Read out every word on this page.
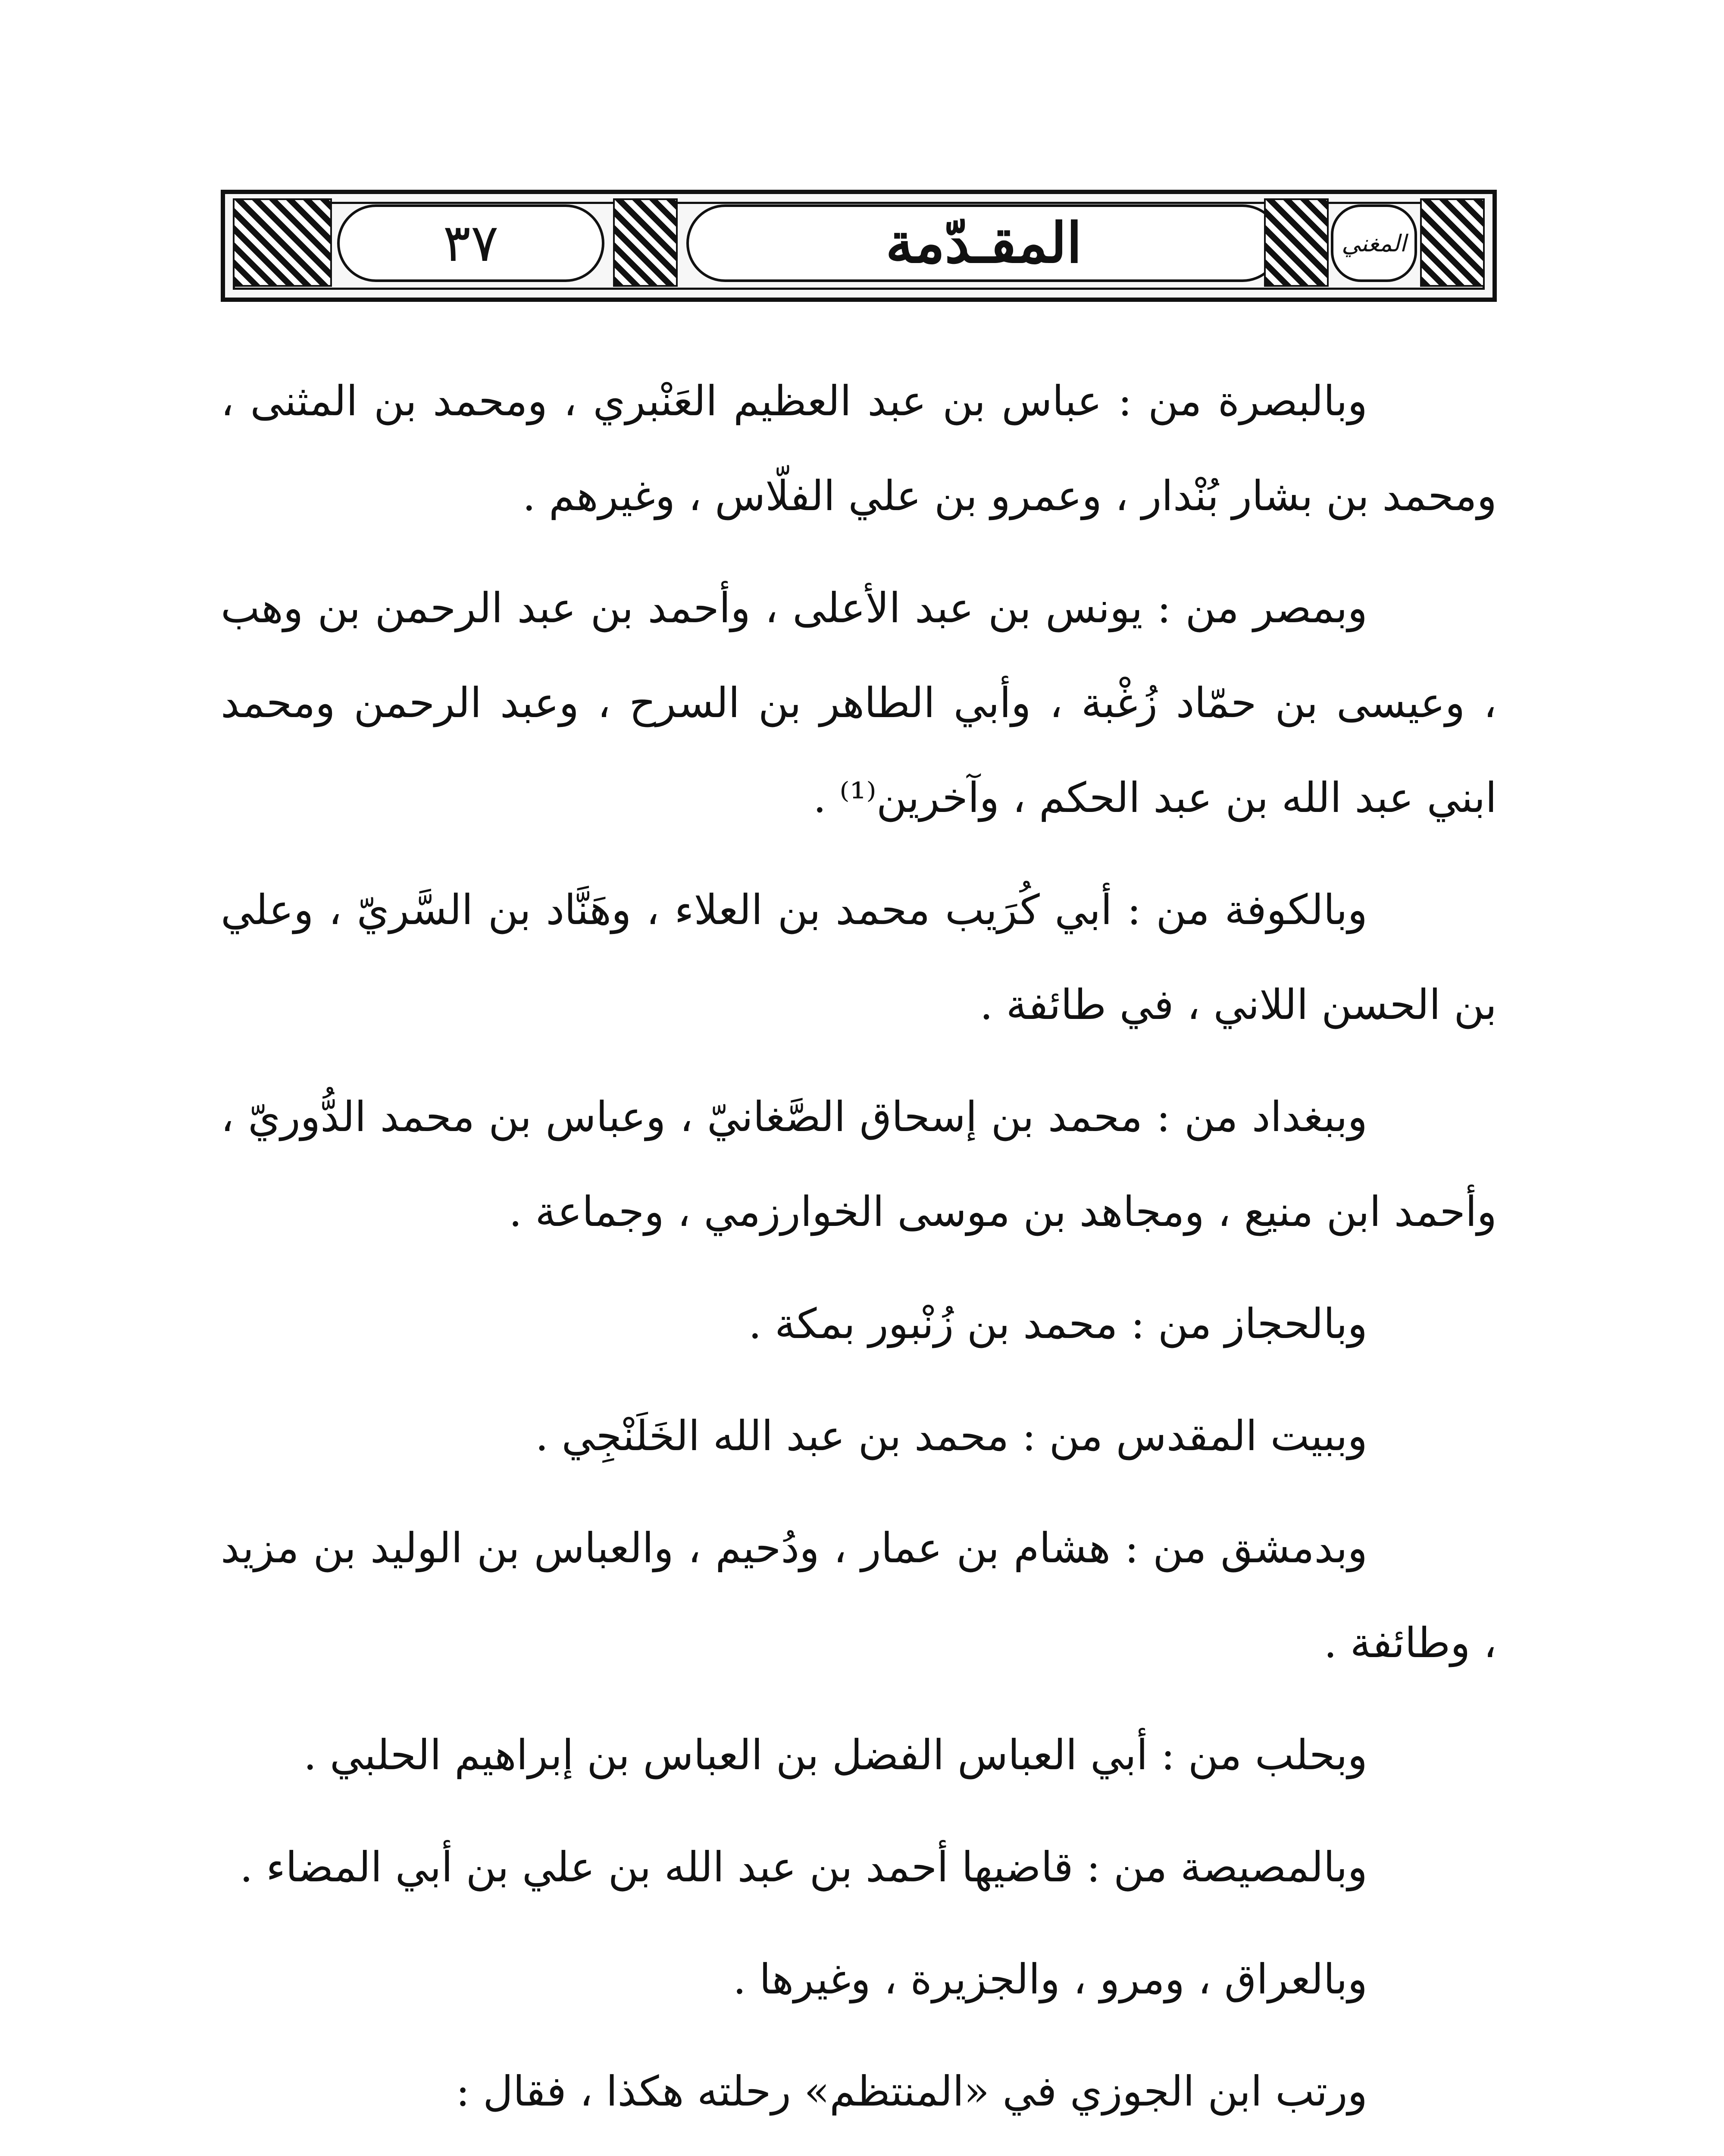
٣٧	المقـدّمة	المغني

وبالبصرة من : عباس بن عبد العظيم العَنْبري ، ومحمد بن المثنى ، ومحمد بن بشار بُنْدار ، وعمرو بن علي الفلّاس ، وغيرهم .

وبمصر من : يونس بن عبد الأعلى ، وأحمد بن عبد الرحمن بن وهب ، وعيسى بن حمّاد زُغْبة ، وأبي الطاهر بن السرح ، وعبد الرحمن ومحمد ابني عبد الله بن عبد الحكم ، وآخرين⁽¹⁾ .

وبالكوفة من : أبي كُرَيب محمد بن العلاء ، وهَنَّاد بن السَّريّ ، وعلي بن الحسن اللاني ، في طائفة .

وببغداد من : محمد بن إسحاق الصَّغانيّ ، وعباس بن محمد الدُّوريّ ، وأحمد ابن منيع ، ومجاهد بن موسى الخوارزمي ، وجماعة .

وبالحجاز من : محمد بن زُنْبور بمكة .

وببيت المقدس من : محمد بن عبد الله الخَلَنْجِي .

وبدمشق من : هشام بن عمار ، ودُحيم ، والعباس بن الوليد بن مزيد ، وطائفة .

وبحلب من : أبي العباس الفضل بن العباس بن إبراهيم الحلبي .

وبالمصيصة من : قاضيها أحمد بن عبد الله بن علي بن أبي المضاء .

وبالعراق ، ومرو ، والجزيرة ، وغيرها .

ورتب ابن الجوزي في «المنتظم» رحلته هكذا ، فقال :
